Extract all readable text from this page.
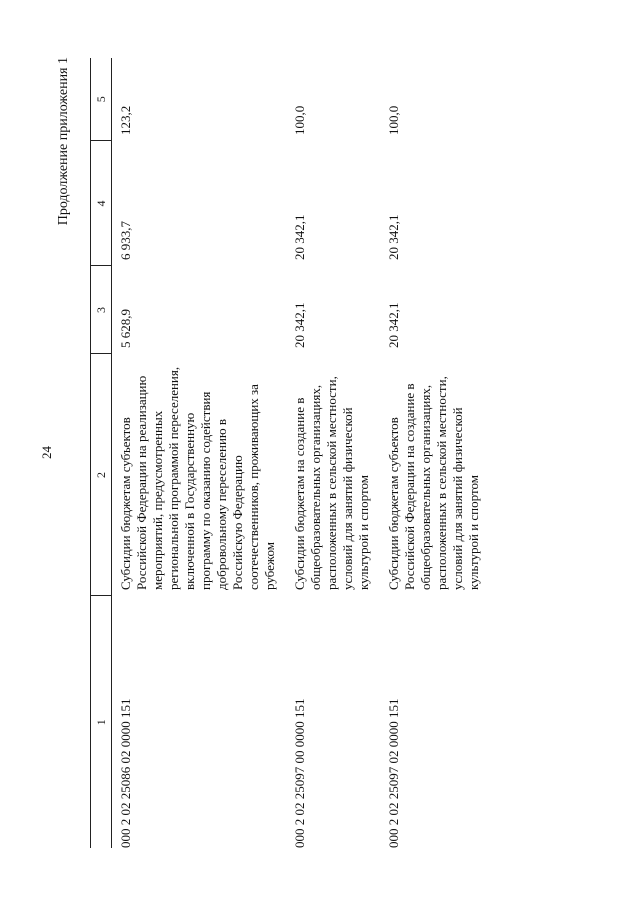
24
Продолжение приложения 1
1	2	3	4	5
000 2 02 25086 02 0000 151	Субсидии бюджетам субъектов Российской Федерации на реализацию мероприятий, предусмотренных региональной программой переселения, включенной в Государственную программу по оказанию содействия добровольному переселению в Российскую Федерацию соотечественников, проживающих за рубежом	5 628,9	6 933,7	123,2
000 2 02 25097 00 0000 151	Субсидии бюджетам на создание в общеобразовательных организациях, расположенных в сельской местности, условий для занятий физической культурой и спортом	20 342,1	20 342,1	100,0
000 2 02 25097 02 0000 151	Субсидии бюджетам субъектов Российской Федерации на создание в общеобразовательных организациях, расположенных в сельской местности, условий для занятий физической культурой и спортом	20 342,1	20 342,1	100,0
